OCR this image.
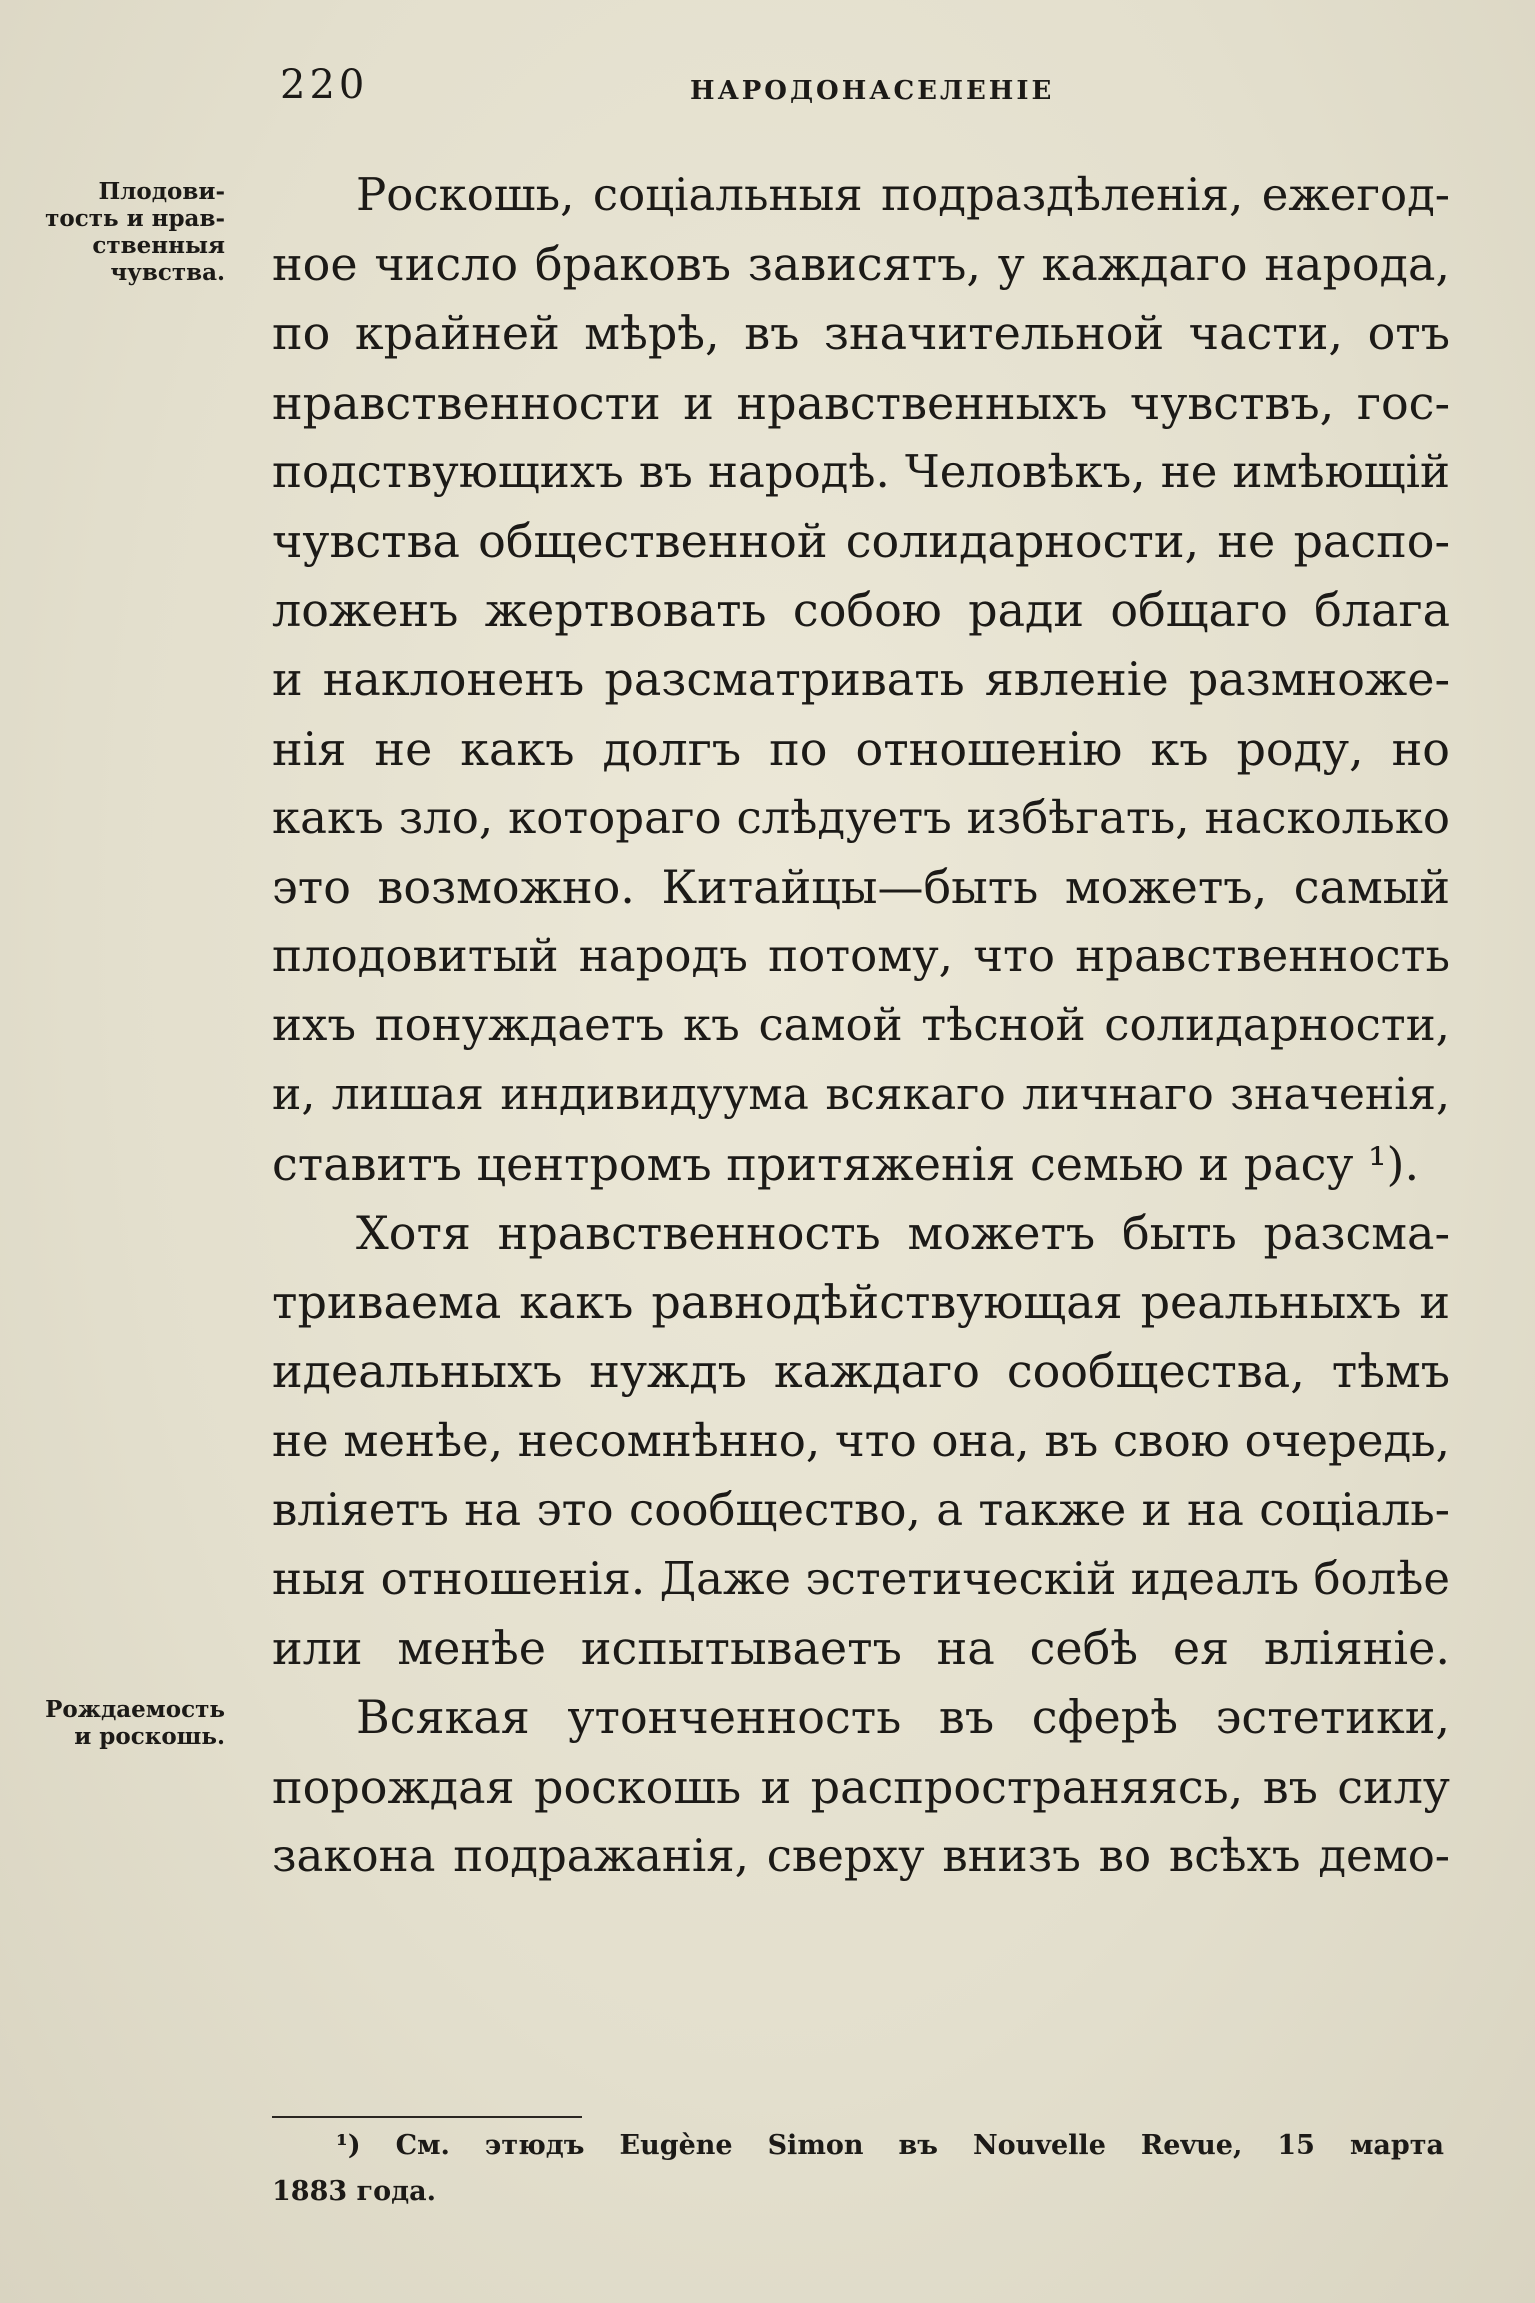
220	НАРОДОНАСЕЛЕНІЕ
Плодови-
тость и нрав-
ственныя
чувства.
Рождаемость
и роскошь.
Роскошь, соціальныя подраздѣленія, ежегод-
ное число браковъ зависятъ, у каждаго народа,
по крайней мѣрѣ, въ значительной части, отъ
нравственности и нравственныхъ чувствъ, гос-
подствующихъ въ народѣ. Человѣкъ, не имѣющій
чувства общественной солидарности, не распо-
ложенъ жертвовать собою ради общаго блага
и наклоненъ разсматривать явленіе размноже-
нія не какъ долгъ по отношенію къ роду, но
какъ зло, котораго слѣдуетъ избѣгать, насколько
это возможно. Китайцы—быть можетъ, самый
плодовитый народъ потому, что нравственность
ихъ понуждаетъ къ самой тѣсной солидарности,
и, лишая индивидуума всякаго личнаго значенія,
ставитъ центромъ притяженія семью и расу ¹).
Хотя нравственность можетъ быть разсма-
триваема какъ равнодѣйствующая реальныхъ и
идеальныхъ нуждъ каждаго сообщества, тѣмъ
не менѣе, несомнѣнно, что она, въ свою очередь,
вліяетъ на это сообщество, а также и на соціаль-
ныя отношенія. Даже эстетическій идеалъ болѣе
или менѣе испытываетъ на себѣ ея вліяніе.
Всякая утонченность въ сферѣ эстетики,
порождая роскошь и распространяясь, въ силу
закона подражанія, сверху внизъ во всѣхъ демо-
¹) См. этюдъ Eugène Simon въ Nouvelle Revue, 15 марта
1883 года.
